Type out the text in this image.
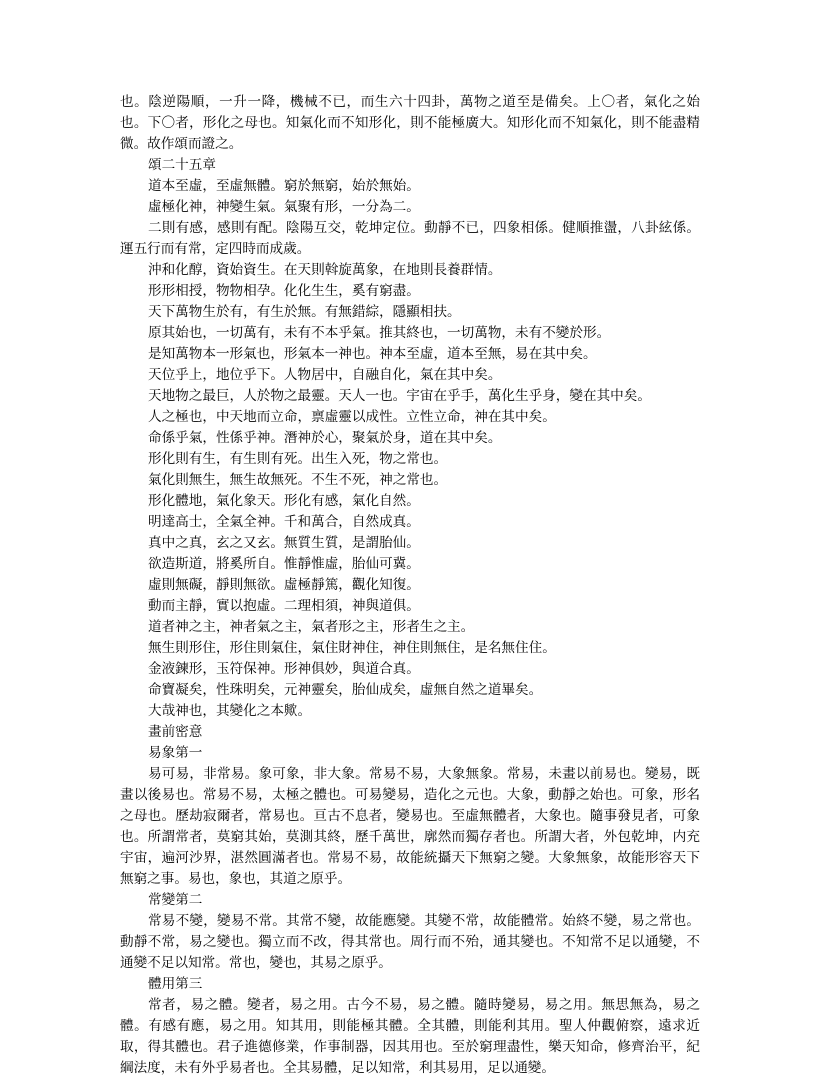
也。陰逆陽順，一升一降，機械不已，而生六十四卦，萬物之道至是備矣。上〇者，氣化之始也。下〇者，形化之母也。知氣化而不知形化，則不能極廣大。知形化而不知氣化，則不能盡精微。故作頌而證之。

頌二十五章

道本至虛，至虛無體。窮於無窮，始於無始。

虛極化神，神變生氣。氣聚有形，一分為二。

二則有感，感則有配。陰陽互交，乾坤定位。動靜不已，四象相係。健順推盪，八卦絃係。運五行而有常，定四時而成歲。

沖和化醇，資始資生。在天則斡旋萬象，在地則長養群情。

形形相授，物物相孕。化化生生，奚有窮盡。

天下萬物生於有，有生於無。有無錯綜，隱顯相扶。

原其始也，一切萬有，未有不本乎氣。推其終也，一切萬物，未有不變於形。

是知萬物本一形氣也，形氣本一神也。神本至虛，道本至無，易在其中矣。

天位乎上，地位乎下。人物居中，自融自化，氣在其中矣。

天地物之最巨，人於物之最靈。天人一也。宇宙在乎手，萬化生乎身，變在其中矣。

人之極也，中天地而立命，禀虛靈以成性。立性立命，神在其中矣。

命係乎氣，性係乎神。潛神於心，聚氣於身，道在其中矣。

形化則有生，有生則有死。出生入死，物之常也。

氣化則無生，無生故無死。不生不死，神之常也。

形化體地，氣化象天。形化有感，氣化自然。

明達高士，全氣全神。千和萬合，自然成真。

真中之真，玄之又玄。無質生質，是謂胎仙。

欲造斯道，將奚所自。惟靜惟虛，胎仙可冀。

虛則無礙，靜則無欲。虛極靜篤，觀化知復。

動而主靜，實以抱虛。二理相須，神與道俱。

道者神之主，神者氣之主，氣者形之主，形者生之主。

無生則形住，形住則氣住，氣住財神住，神住則無住，是名無住住。

金液鍊形，玉符保神。形神俱妙，與道合真。

命寶凝矣，性珠明矣，元神靈矣，胎仙成矣，虛無自然之道畢矣。

大哉神也，其變化之本歟。

畫前密意

易象第一

易可易，非常易。象可象，非大象。常易不易，大象無象。常易，未畫以前易也。變易，既畫以後易也。常易不易，太極之體也。可易變易，造化之元也。大象，動靜之始也。可象，形名之母也。歷劫寂爾者，常易也。亘古不息者，變易也。至虛無體者，大象也。隨事發見者，可象也。所謂常者，莫窮其始，莫測其終，歷千萬世，廓然而獨存者也。所謂大者，外包乾坤，内充宇宙，遍河沙界，湛然圓滿者也。常易不易，故能統攝天下無窮之變。大象無象，故能形容天下無窮之事。易也，象也，其道之原乎。

常變第二

常易不變，變易不常。其常不變，故能應變。其變不常，故能體常。始終不變，易之常也。動靜不常，易之變也。獨立而不改，得其常也。周行而不殆，通其變也。不知常不足以通變，不通變不足以知常。常也，變也，其易之原乎。

體用第三

常者，易之體。變者，易之用。古今不易，易之體。隨時變易，易之用。無思無為，易之體。有感有應，易之用。知其用，則能極其體。全其體，則能利其用。聖人仲觀俯察，遠求近取，得其體也。君子進德修業，作事制器，因其用也。至於窮理盡性，樂天知命，修齊治平，紀綱法度，未有外乎易者也。全其易體，足以知常，利其易用，足以通變。
